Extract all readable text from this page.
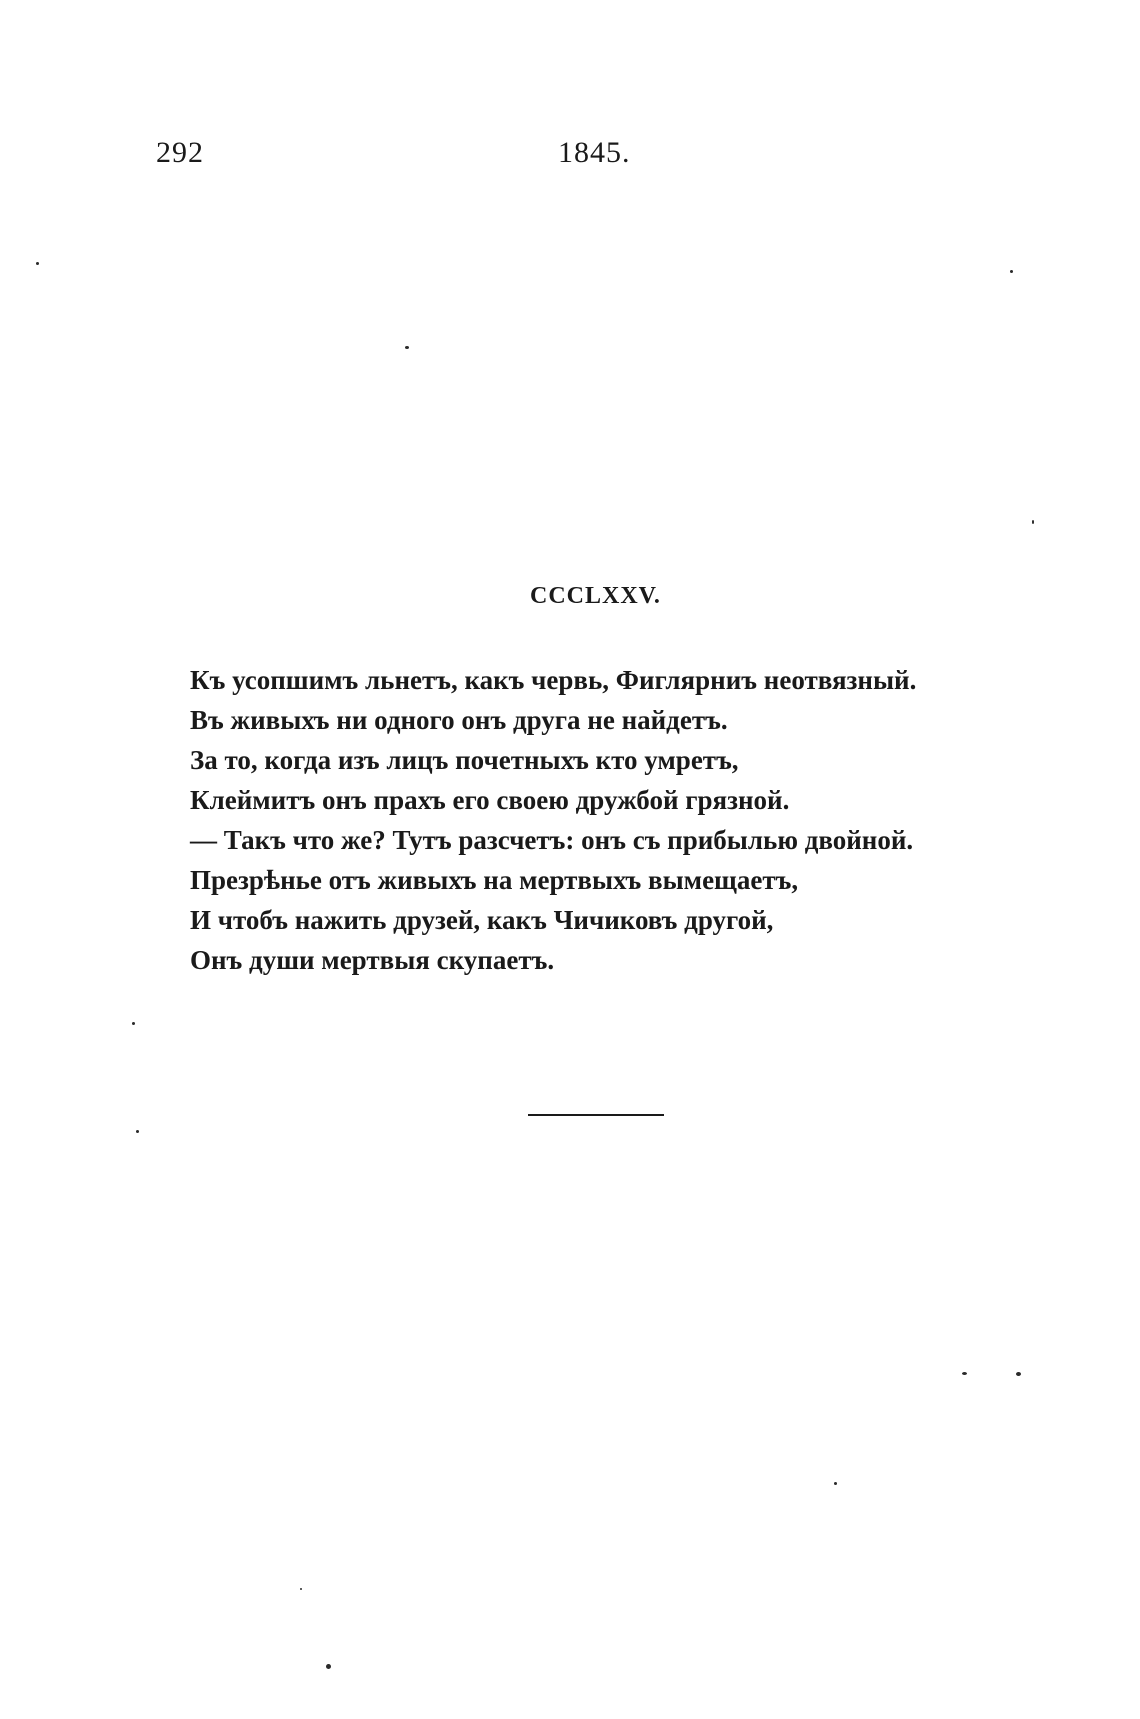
292	1845.
CCCLXXV.
Къ усопшимъ льнетъ, какъ червь, Фиглярниъ неотвязный.
Въ живыхъ ни одного онъ друга не найдетъ.
За то, когда изъ лицъ почетныхъ кто умретъ,
Клеймитъ онъ прахъ его своею дружбой грязной.
— Такъ что же? Тутъ разсчетъ: онъ съ прибылью двойной.
Презрѣнье отъ живыхъ на мертвыхъ вымещаетъ,
И чтобъ нажить друзей, какъ Чичиковъ другой,
Онъ души мертвыя скупаетъ.
